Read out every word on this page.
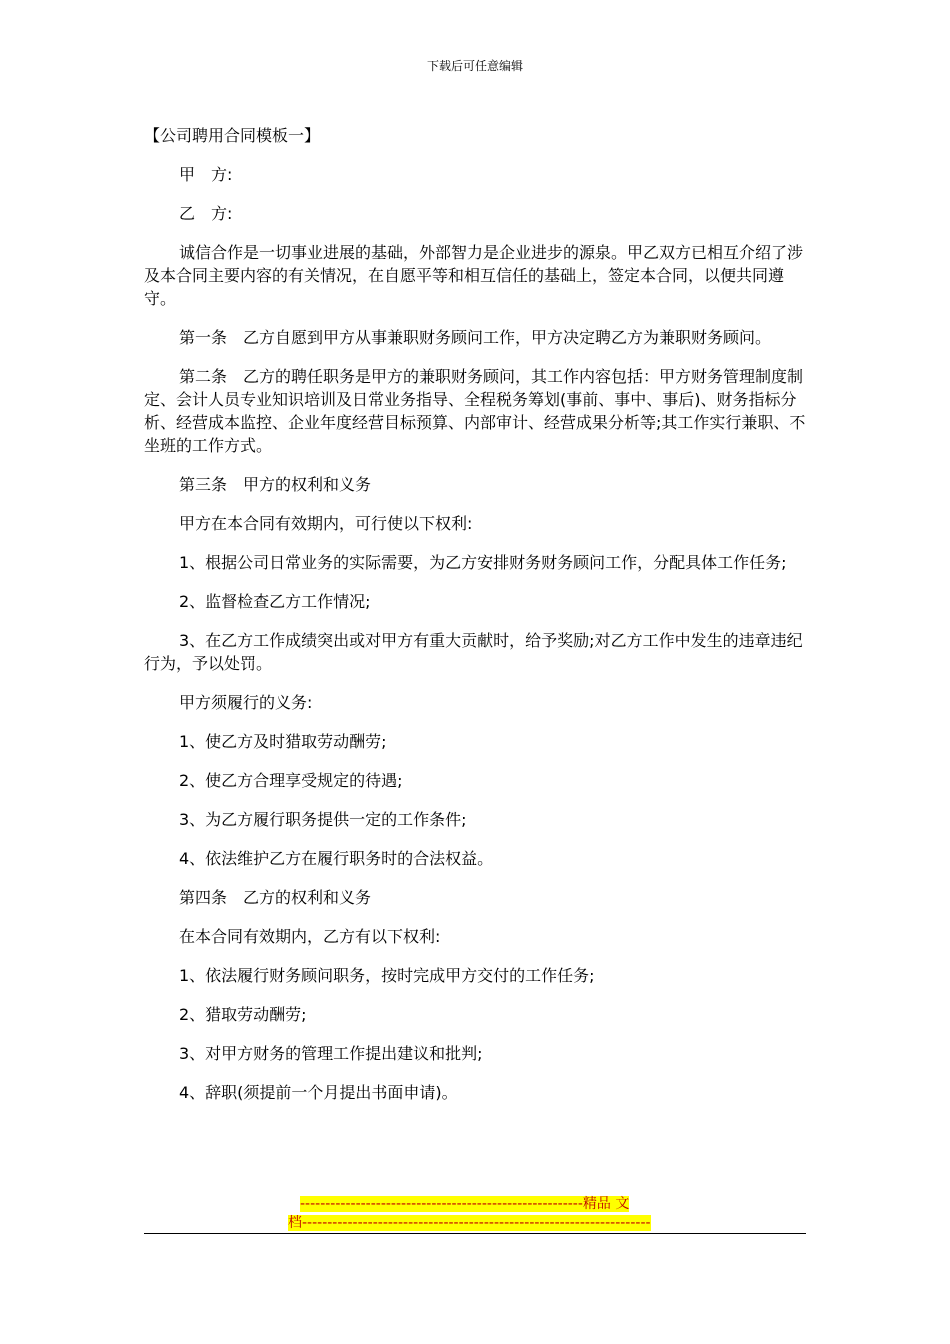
下载后可任意编辑

【公司聘用合同模板一】

甲　方:

乙　方:

诚信合作是一切事业进展的基础，外部智力是企业进步的源泉。甲乙双方已相互介绍了涉及本合同主要内容的有关情况，在自愿平等和相互信任的基础上，签定本合同，以便共同遵守。

第一条　乙方自愿到甲方从事兼职财务顾问工作，甲方决定聘乙方为兼职财务顾问。

第二条　乙方的聘任职务是甲方的兼职财务顾问，其工作内容包括：甲方财务管理制度制定、会计人员专业知识培训及日常业务指导、全程税务筹划(事前、事中、事后)、财务指标分析、经营成本监控、企业年度经营目标预算、内部审计、经营成果分析等;其工作实行兼职、不坐班的工作方式。

第三条　甲方的权利和义务

甲方在本合同有效期内，可行使以下权利:

1、根据公司日常业务的实际需要，为乙方安排财务财务顾问工作，分配具体工作任务;

2、监督检查乙方工作情况;

3、在乙方工作成绩突出或对甲方有重大贡献时，给予奖励;对乙方工作中发生的违章违纪行为，予以处罚。

甲方须履行的义务:

1、使乙方及时猎取劳动酬劳;

2、使乙方合理享受规定的待遇;

3、为乙方履行职务提供一定的工作条件;

4、依法维护乙方在履行职务时的合法权益。

第四条　乙方的权利和义务

在本合同有效期内，乙方有以下权利:

1、依法履行财务顾问职务，按时完成甲方交付的工作任务;

2、猎取劳动酬劳;

3、对甲方财务的管理工作提出建议和批判;

4、辞职(须提前一个月提出书面申请)。

--------------------------------------------------------精品 文
档---------------------------------------------------------------------
